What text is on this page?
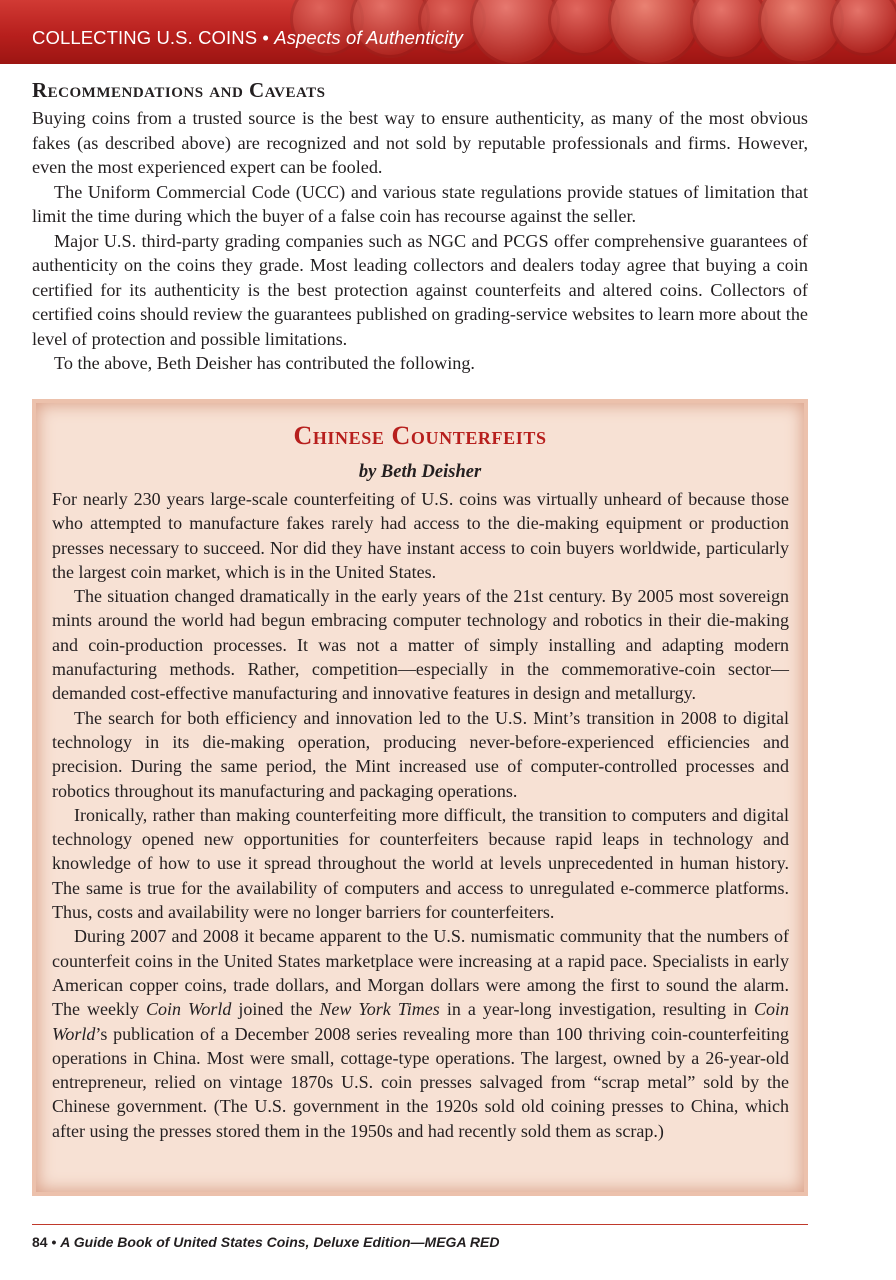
COLLECTING U.S. COINS • Aspects of Authenticity
Recommendations and Caveats

Buying coins from a trusted source is the best way to ensure authenticity, as many of the most obvious fakes (as described above) are recognized and not sold by reputable professionals and firms. However, even the most experienced expert can be fooled.

The Uniform Commercial Code (UCC) and various state regulations provide statues of limitation that limit the time during which the buyer of a false coin has recourse against the seller.

Major U.S. third-party grading companies such as NGC and PCGS offer comprehensive guarantees of authenticity on the coins they grade. Most leading collectors and dealers today agree that buying a coin certified for its authenticity is the best protection against counterfeits and altered coins. Collectors of certified coins should review the guarantees published on grading-service websites to learn more about the level of protection and possible limitations.

To the above, Beth Deisher has contributed the following.

Chinese Counterfeits
by Beth Deisher

For nearly 230 years large-scale counterfeiting of U.S. coins was virtually unheard of because those who attempted to manufacture fakes rarely had access to the die-making equipment or production presses necessary to succeed. Nor did they have instant access to coin buyers worldwide, particularly the largest coin market, which is in the United States.

The situation changed dramatically in the early years of the 21st century. By 2005 most sovereign mints around the world had begun embracing computer technology and robotics in their die-making and coin-production processes. It was not a matter of simply installing and adapting modern manufacturing methods. Rather, competition—especially in the commemorative-coin sector—demanded cost-effective manufacturing and innovative features in design and metallurgy.

The search for both efficiency and innovation led to the U.S. Mint’s transition in 2008 to digital technology in its die-making operation, producing never-before-experienced efficiencies and precision. During the same period, the Mint increased use of computer-controlled processes and robotics throughout its manufacturing and packaging operations.

Ironically, rather than making counterfeiting more difficult, the transition to computers and digital technology opened new opportunities for counterfeiters because rapid leaps in technology and knowledge of how to use it spread throughout the world at levels unprecedented in human history. The same is true for the availability of computers and access to unregulated e-commerce platforms. Thus, costs and availability were no longer barriers for counterfeiters.

During 2007 and 2008 it became apparent to the U.S. numismatic community that the numbers of counterfeit coins in the United States marketplace were increasing at a rapid pace. Specialists in early American copper coins, trade dollars, and Morgan dollars were among the first to sound the alarm. The weekly Coin World joined the New York Times in a year-long investigation, resulting in Coin World’s publication of a December 2008 series revealing more than 100 thriving coin-counterfeiting operations in China. Most were small, cottage-type operations. The largest, owned by a 26-year-old entrepreneur, relied on vintage 1870s U.S. coin presses salvaged from “scrap metal” sold by the Chinese government. (The U.S. government in the 1920s sold old coining presses to China, which after using the presses stored them in the 1950s and had recently sold them as scrap.)

84 • A Guide Book of United States Coins, Deluxe Edition—MEGA RED
